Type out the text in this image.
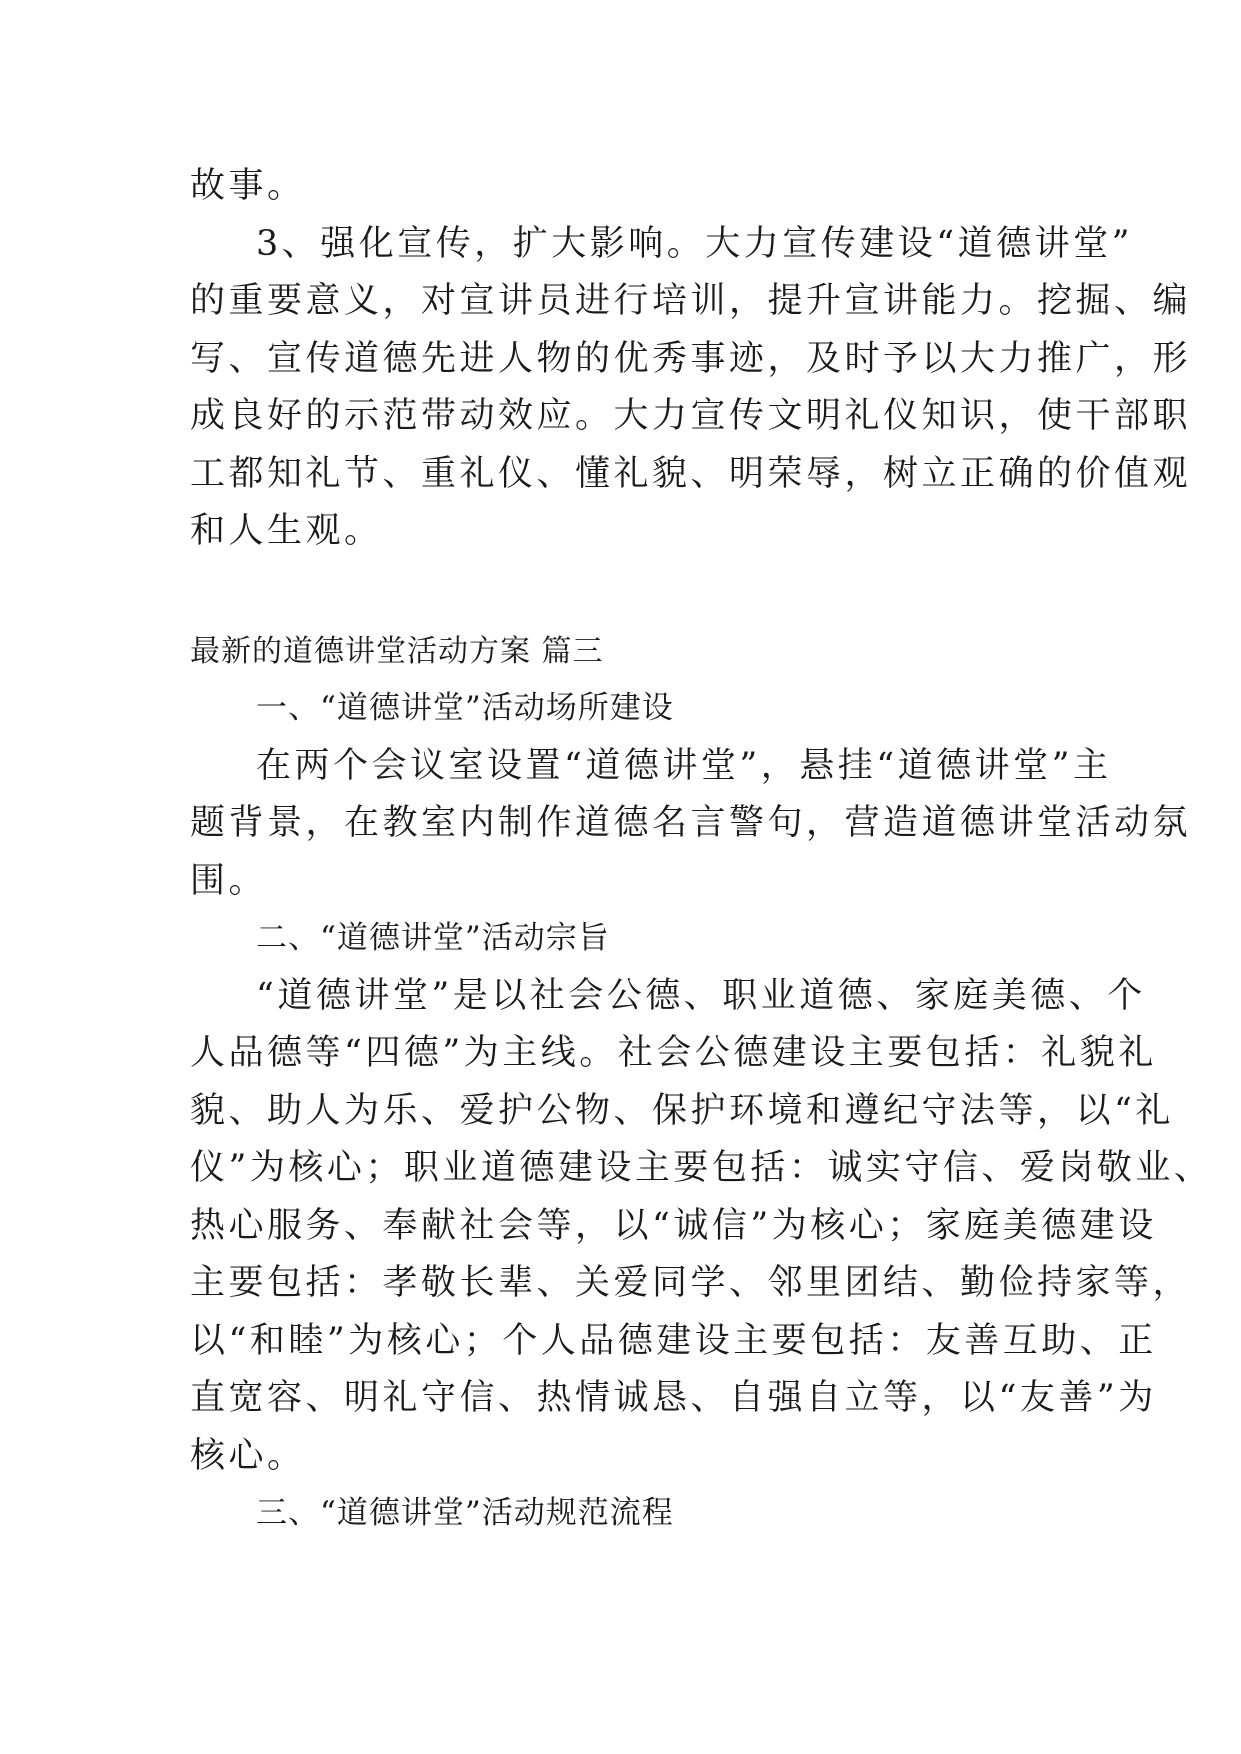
故事。

3、强化宣传，扩大影响。大力宣传建设“道德讲堂”

的重要意义，对宣讲员进行培训，提升宣讲能力。挖掘、编

写、宣传道德先进人物的优秀事迹，及时予以大力推广，形

成良好的示范带动效应。大力宣传文明礼仪知识，使干部职

工都知礼节、重礼仪、懂礼貌、明荣辱，树立正确的价值观

和人生观。

最新的道德讲堂活动方案 篇三

一、“道德讲堂”活动场所建设

在两个会议室设置“道德讲堂”，悬挂“道德讲堂”主

题背景，在教室内制作道德名言警句，营造道德讲堂活动氛

围。

二、“道德讲堂”活动宗旨

“道德讲堂”是以社会公德、职业道德、家庭美德、个

人品德等“四德”为主线。社会公德建设主要包括：礼貌礼

貌、助人为乐、爱护公物、保护环境和遵纪守法等，以“礼

仪”为核心；职业道德建设主要包括：诚实守信、爱岗敬业、

热心服务、奉献社会等，以“诚信”为核心；家庭美德建设

主要包括：孝敬长辈、关爱同学、邻里团结、勤俭持家等，

以“和睦”为核心；个人品德建设主要包括：友善互助、正

直宽容、明礼守信、热情诚恳、自强自立等，以“友善”为

核心。

三、“道德讲堂”活动规范流程
